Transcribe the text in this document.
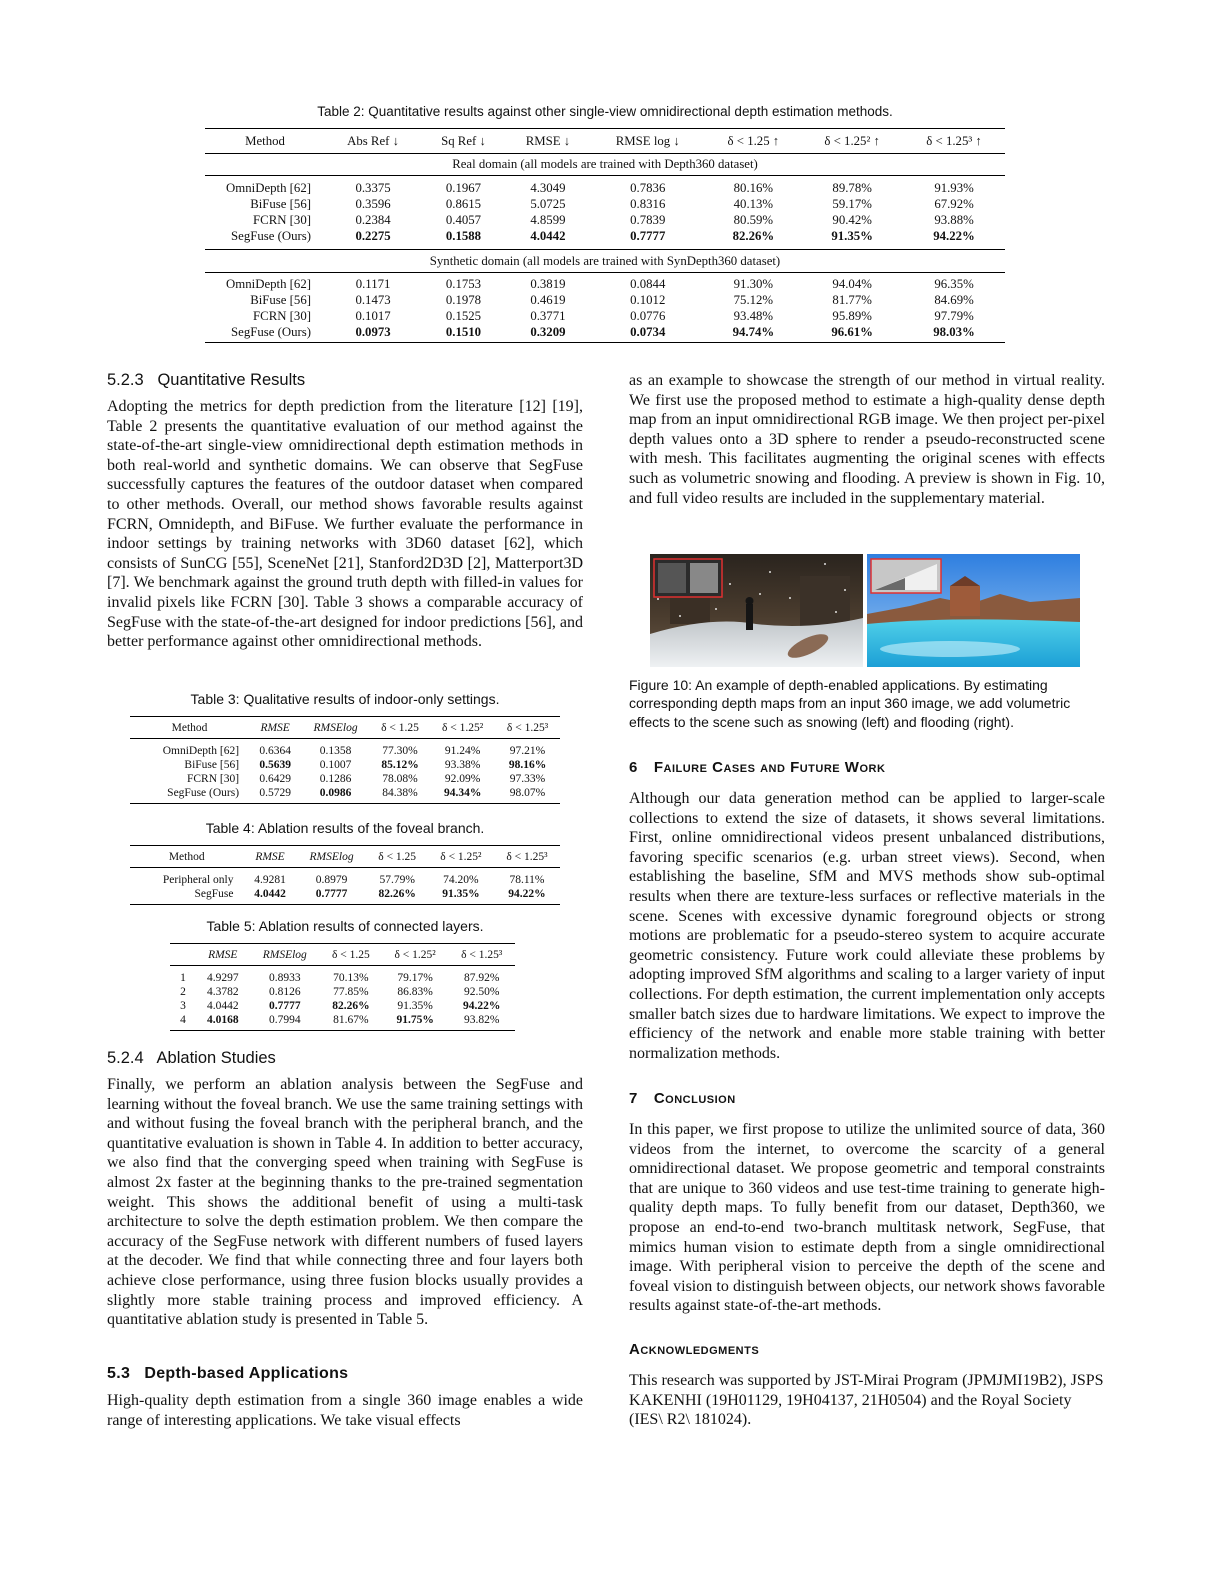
Table 2: Quantitative results against other single-view omnidirectional depth estimation methods.
Method	Abs Ref ↓	Sq Ref ↓	RMSE ↓	RMSE log ↓	δ < 1.25 ↑	δ < 1.25² ↑	δ < 1.25³ ↑
Real domain (all models are trained with Depth360 dataset)							

OmniDepth [62]	0.3375	0.1967	4.3049	0.7836	80.16%	89.78%	91.93%
BiFuse [56]	0.3596	0.8615	5.0725	0.8316	40.13%	59.17%	67.92%
FCRN [30]	0.2384	0.4057	4.8599	0.7839	80.59%	90.42%	93.88%
SegFuse (Ours)	0.2275	0.1588	4.0442	0.7777	82.26%	91.35%	94.22%

Synthetic domain (all models are trained with SynDepth360 dataset)							

OmniDepth [62]	0.1171	0.1753	0.3819	0.0844	91.30%	94.04%	96.35%
BiFuse [56]	0.1473	0.1978	0.4619	0.1012	75.12%	81.77%	84.69%
FCRN [30]	0.1017	0.1525	0.3771	0.0776	93.48%	95.89%	97.79%
SegFuse (Ours)	0.0973	0.1510	0.3209	0.0734	94.74%	96.61%	98.03%
5.2.3   Quantitative Results

Adopting the metrics for depth prediction from the literature [12] [19], Table 2 presents the quantitative evaluation of our method against the state-of-the-art single-view omnidirectional depth estimation methods in both real-world and synthetic domains. We can observe that SegFuse successfully captures the features of the outdoor dataset when compared to other methods. Overall, our method shows favorable results against FCRN, Omnidepth, and BiFuse. We further evaluate the performance in indoor settings by training networks with 3D60 dataset [62], which consists of SunCG [55], SceneNet [21], Stanford2D3D [2], Matterport3D [7]. We benchmark against the ground truth depth with filled-in values for invalid pixels like FCRN [30]. Table 3 shows a comparable accuracy of SegFuse with the state-of-the-art designed for indoor predictions [56], and better performance against other omnidirectional methods.

Table 3: Qualitative results of indoor-only settings.
Method	RMSE	RMSElog	δ < 1.25	δ < 1.25²	δ < 1.25³
OmniDepth [62]	0.6364	0.1358	77.30%	91.24%	97.21%
BiFuse [56]	0.5639	0.1007	85.12%	93.38%	98.16%
FCRN [30]	0.6429	0.1286	78.08%	92.09%	97.33%
SegFuse (Ours)	0.5729	0.0986	84.38%	94.34%	98.07%
Table 4: Ablation results of the foveal branch.
Method	RMSE	RMSElog	δ < 1.25	δ < 1.25²	δ < 1.25³
Peripheral only	4.9281	0.8979	57.79%	74.20%	78.11%
SegFuse	4.0442	0.7777	82.26%	91.35%	94.22%
Table 5: Ablation results of connected layers.
	RMSE	RMSElog	δ < 1.25	δ < 1.25²	δ < 1.25³
1	4.9297	0.8933	70.13%	79.17%	87.92%
2	4.3782	0.8126	77.85%	86.83%	92.50%
3	4.0442	0.7777	82.26%	91.35%	94.22%
4	4.0168	0.7994	81.67%	91.75%	93.82%
5.2.4   Ablation Studies

Finally, we perform an ablation analysis between the SegFuse and learning without the foveal branch. We use the same training settings with and without fusing the foveal branch with the peripheral branch, and the quantitative evaluation is shown in Table 4. In addition to better accuracy, we also find that the converging speed when training with SegFuse is almost 2x faster at the beginning thanks to the pre-trained segmentation weight. This shows the additional benefit of using a multi-task architecture to solve the depth estimation problem. We then compare the accuracy of the SegFuse network with different numbers of fused layers at the decoder. We find that while connecting three and four layers both achieve close performance, using three fusion blocks usually provides a slightly more stable training process and improved efficiency. A quantitative ablation study is presented in Table 5.

5.3   Depth-based Applications

High-quality depth estimation from a single 360 image enables a wide range of interesting applications. We take visual effects

as an example to showcase the strength of our method in virtual reality. We first use the proposed method to estimate a high-quality dense depth map from an input omnidirectional RGB image. We then project per-pixel depth values onto a 3D sphere to render a pseudo-reconstructed scene with mesh. This facilitates augmenting the original scenes with effects such as volumetric snowing and flooding. A preview is shown in Fig. 10, and full video results are included in the supplementary material.

Figure 10: An example of depth-enabled applications. By estimating corresponding depth maps from an input 360 image, we add volumetric effects to the scene such as snowing (left) and flooding (right).
6 Failure Cases and Future Work

Although our data generation method can be applied to larger-scale collections to extend the size of datasets, it shows several limitations. First, online omnidirectional videos present unbalanced distributions, favoring specific scenarios (e.g. urban street views). Second, when establishing the baseline, SfM and MVS methods show sub-optimal results when there are texture-less surfaces or reflective materials in the scene. Scenes with excessive dynamic foreground objects or strong motions are problematic for a pseudo-stereo system to acquire accurate geometric consistency. Future work could alleviate these problems by adopting improved SfM algorithms and scaling to a larger variety of input collections. For depth estimation, the current implementation only accepts smaller batch sizes due to hardware limitations. We expect to improve the efficiency of the network and enable more stable training with better normalization methods.

7 Conclusion

In this paper, we first propose to utilize the unlimited source of data, 360 videos from the internet, to overcome the scarcity of a general omnidirectional dataset. We propose geometric and temporal constraints that are unique to 360 videos and use test-time training to generate high-quality depth maps. To fully benefit from our dataset, Depth360, we propose an end-to-end two-branch multitask network, SegFuse, that mimics human vision to estimate depth from a single omnidirectional image. With peripheral vision to perceive the depth of the scene and foveal vision to distinguish between objects, our network shows favorable results against state-of-the-art methods.

Acknowledgments

This research was supported by JST-Mirai Program (JPMJMI19B2), JSPS KAKENHI (19H01129, 19H04137, 21H0504) and the Royal Society (IES\ R2\ 181024).
